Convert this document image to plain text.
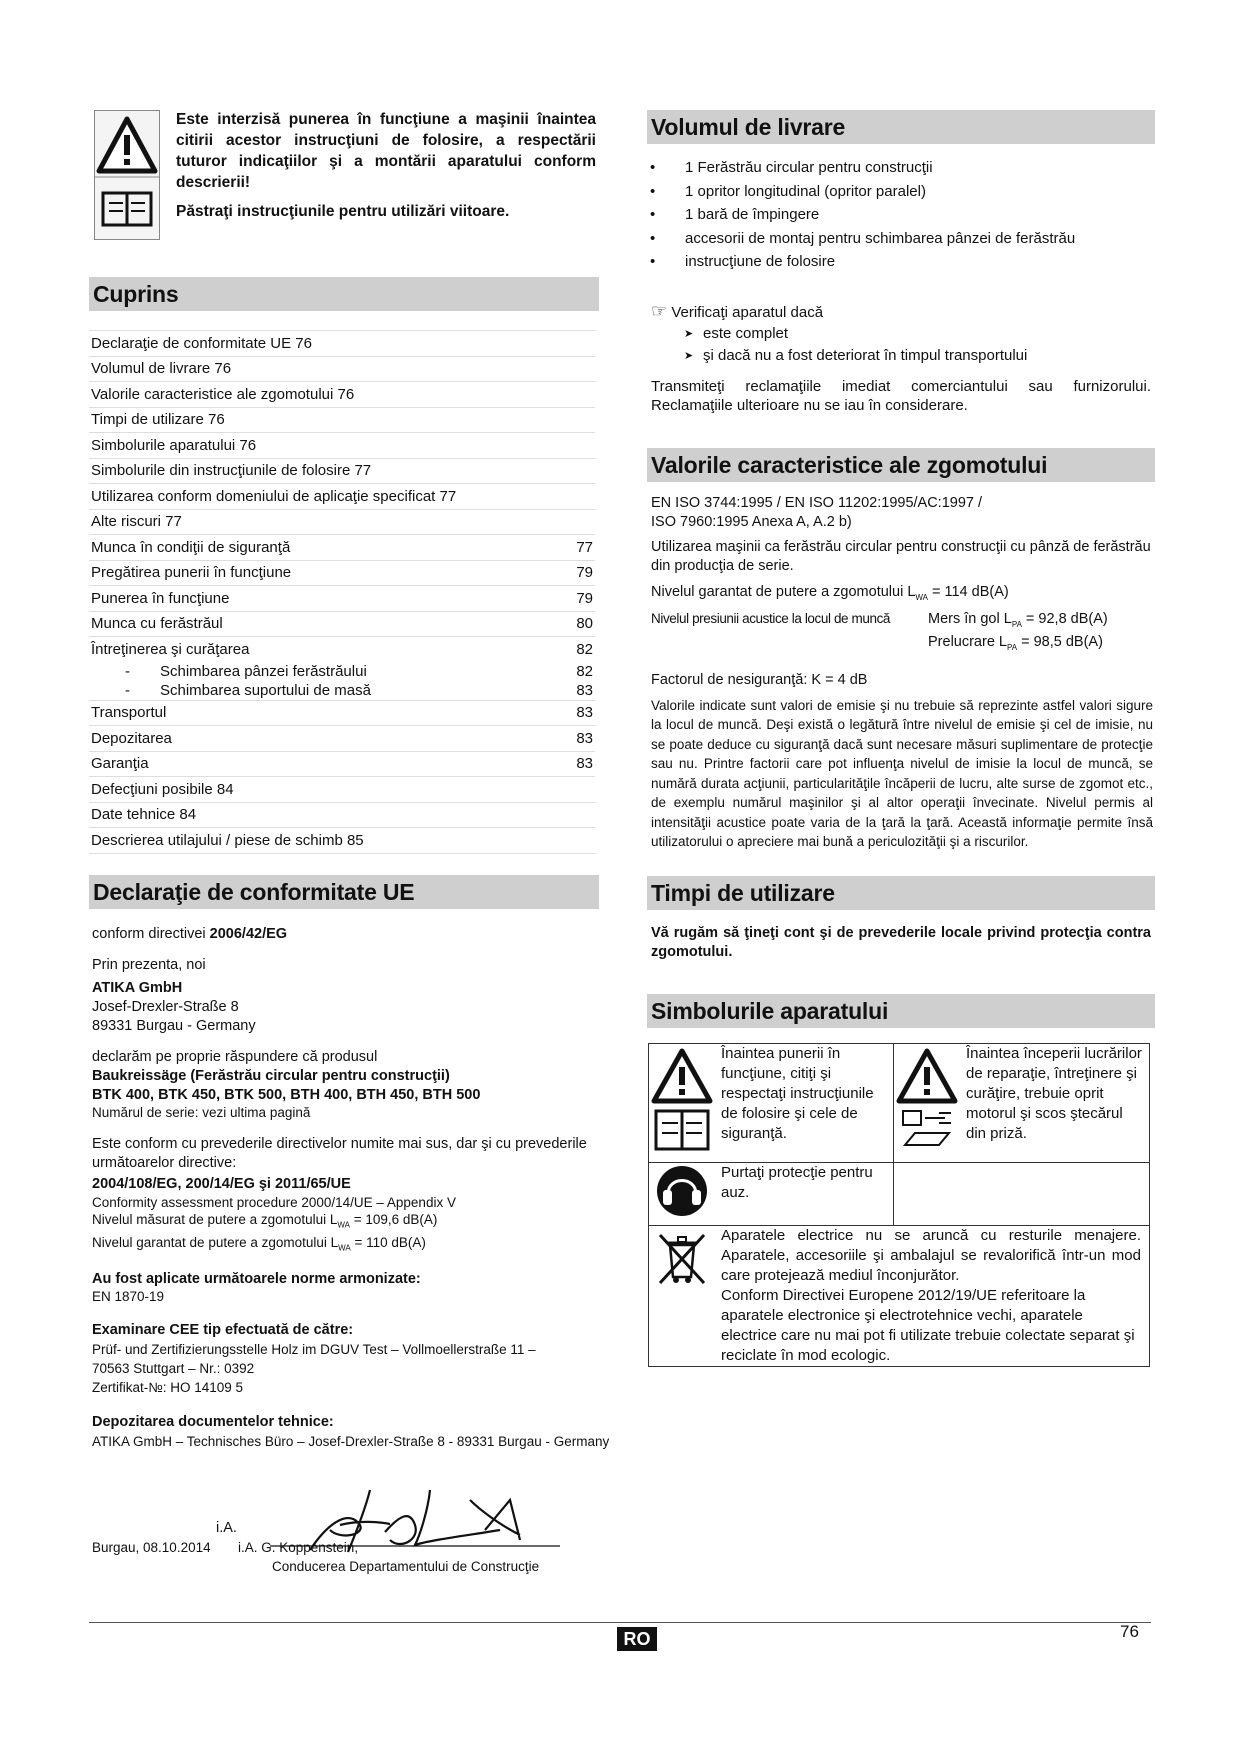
Este interzisă punerea în funcţiune a maşinii înaintea citirii acestor instrucţiuni de folosire, a respectării tuturor indicaţiilor şi a montării aparatului conform descrierii!

Păstraţi instrucţiunile pentru utilizări viitoare.

Cuprins
Declaraţie de conformitate UE 76	
Volumul de livrare 76	
Valorile caracteristice ale zgomotului 76	
Timpi de utilizare 76	
Simbolurile aparatului 76	
Simbolurile din instrucţiunile de folosire 77	
Utilizarea conform domeniului de aplicaţie specificat 77	
Alte riscuri 77	
Munca în condiţii de siguranţă	77
Pregătirea punerii în funcţiune	79
Punerea în funcţiune	79
Munca cu ferăstrăul	80
Întreţinerea şi curăţarea	82
- Schimbarea pânzei ferăstrăului	82
- Schimbarea suportului de masă	83
Transportul	83
Depozitarea	83
Garanţia	83
Defecţiuni posibile 84	
Date tehnice 84	
Descrierea utilajului / piese de schimb 85	
Declaraţie de conformitate UE

conform directivei 2006/42/EG

Prin prezenta, noi

ATIKA GmbH

Josef-Drexler-Straße 8

89331 Burgau - Germany

declarăm pe proprie răspundere că produsul

Baukreissäge (Ferăstrău circular pentru construcţii)

BTK 400, BTK 450, BTK 500, BTH 400, BTH 450, BTH 500

Numărul de serie: vezi ultima pagină

Este conform cu prevederile directivelor numite mai sus, dar şi cu prevederile următoarelor directive:

2004/108/EG, 200/14/EG şi 2011/65/UE

Conformity assessment procedure 2000/14/UE – Appendix V

Nivelul măsurat de putere a zgomotului $L_{WA} = 109,6$ dB(A)

Nivelul garantat de putere a zgomotului $L_{WA} = 110$ dB(A)

Au fost aplicate următoarele norme armonizate:

EN 1870-19

Examinare CEE tip efectuată de către:

Prüf- und Zertifizierungsstelle Holz im DGUV Test – Vollmoellerstraße 11 –

70563 Stuttgart – Nr.: 0392

Zertifikat-№: HO 14109 5

Depozitarea documentelor tehnice:

ATIKA GmbH – Technisches Büro – Josef-Drexler-Straße 8 - 89331 Burgau - Germany

i.A.
Burgau, 08.10.2014 i.A. G. Koppenstein,
Conducerea Departamentului de Construcţie
Volumul de livrare
• 1 Ferăstrău circular pentru construcţii
• 1 opritor longitudinal (opritor paralel)
• 1 bară de împingere
• accesorii de montaj pentru schimbarea pânzei de ferăstrău
• instrucţiune de folosire
☞ Verificaţi aparatul dacă
➤ este complet
➤ şi dacă nu a fost deteriorat în timpul transportului

Transmiteţi reclamaţiile imediat comerciantului sau furnizorului. Reclamaţiile ulterioare nu se iau în considerare.

Valorile caracteristice ale zgomotului

EN ISO 3744:1995 / EN ISO 11202:1995/AC:1997 /

ISO 7960:1995 Anexa A, A.2 b)

Utilizarea maşinii ca ferăstrău circular pentru construcţii cu pânză de ferăstrău din producţia de serie.

Nivelul garantat de putere a zgomotului $L_{WA} = 114$ dB(A)

Nivelul presiunii acustice la locul de muncă	Mers în gol $L_{PA} = 92,8$ dB(A)
Prelucrare $L_{PA} = 98,5$ dB(A)

Factorul de nesiguranţă: K = 4 dB

Valorile indicate sunt valori de emisie şi nu trebuie să reprezinte astfel valori sigure la locul de muncă. Deşi există o legătură între nivelul de emisie şi cel de imisie, nu se poate deduce cu siguranţă dacă sunt necesare măsuri suplimentare de protecţie sau nu. Printre factorii care pot influenţa nivelul de imisie la locul de muncă, se numără durata acţiunii, particularităţile încăperii de lucru, alte surse de zgomot etc., de exemplu numărul maşinilor şi al altor operaţii învecinate. Nivelul permis al intensităţii acustice poate varia de la ţară la ţară. Această informaţie permite însă utilizatorului o apreciere mai bună a periculozităţii şi a riscurilor.

Timpi de utilizare

Vă rugăm să ţineţi cont şi de prevederile locale privind protecţia contra zgomotului.

Simbolurile aparatului
	Înaintea punerii în funcţiune, citiţi şi respectaţi instrucţiunile de folosire şi cele de siguranţă.		Înaintea începerii lucrărilor de reparaţie, întreţinere şi curăţire, trebuie oprit motorul şi scos ştecărul din priză.
	Purtaţi protecţie pentru auz.		

Aparatele electrice nu se aruncă cu resturile menajere. Aparatele, accesoriile şi ambalajul se revalorifică într-un mod care protejează mediul înconjurător.

Conform Directivei Europene 2012/19/UE referitoare la aparatele electronice şi electrotehnice vechi, aparatele electrice care nu mai pot fi utilizate trebuie colectate separat şi reciclate în mod ecologic.		

RO	76
